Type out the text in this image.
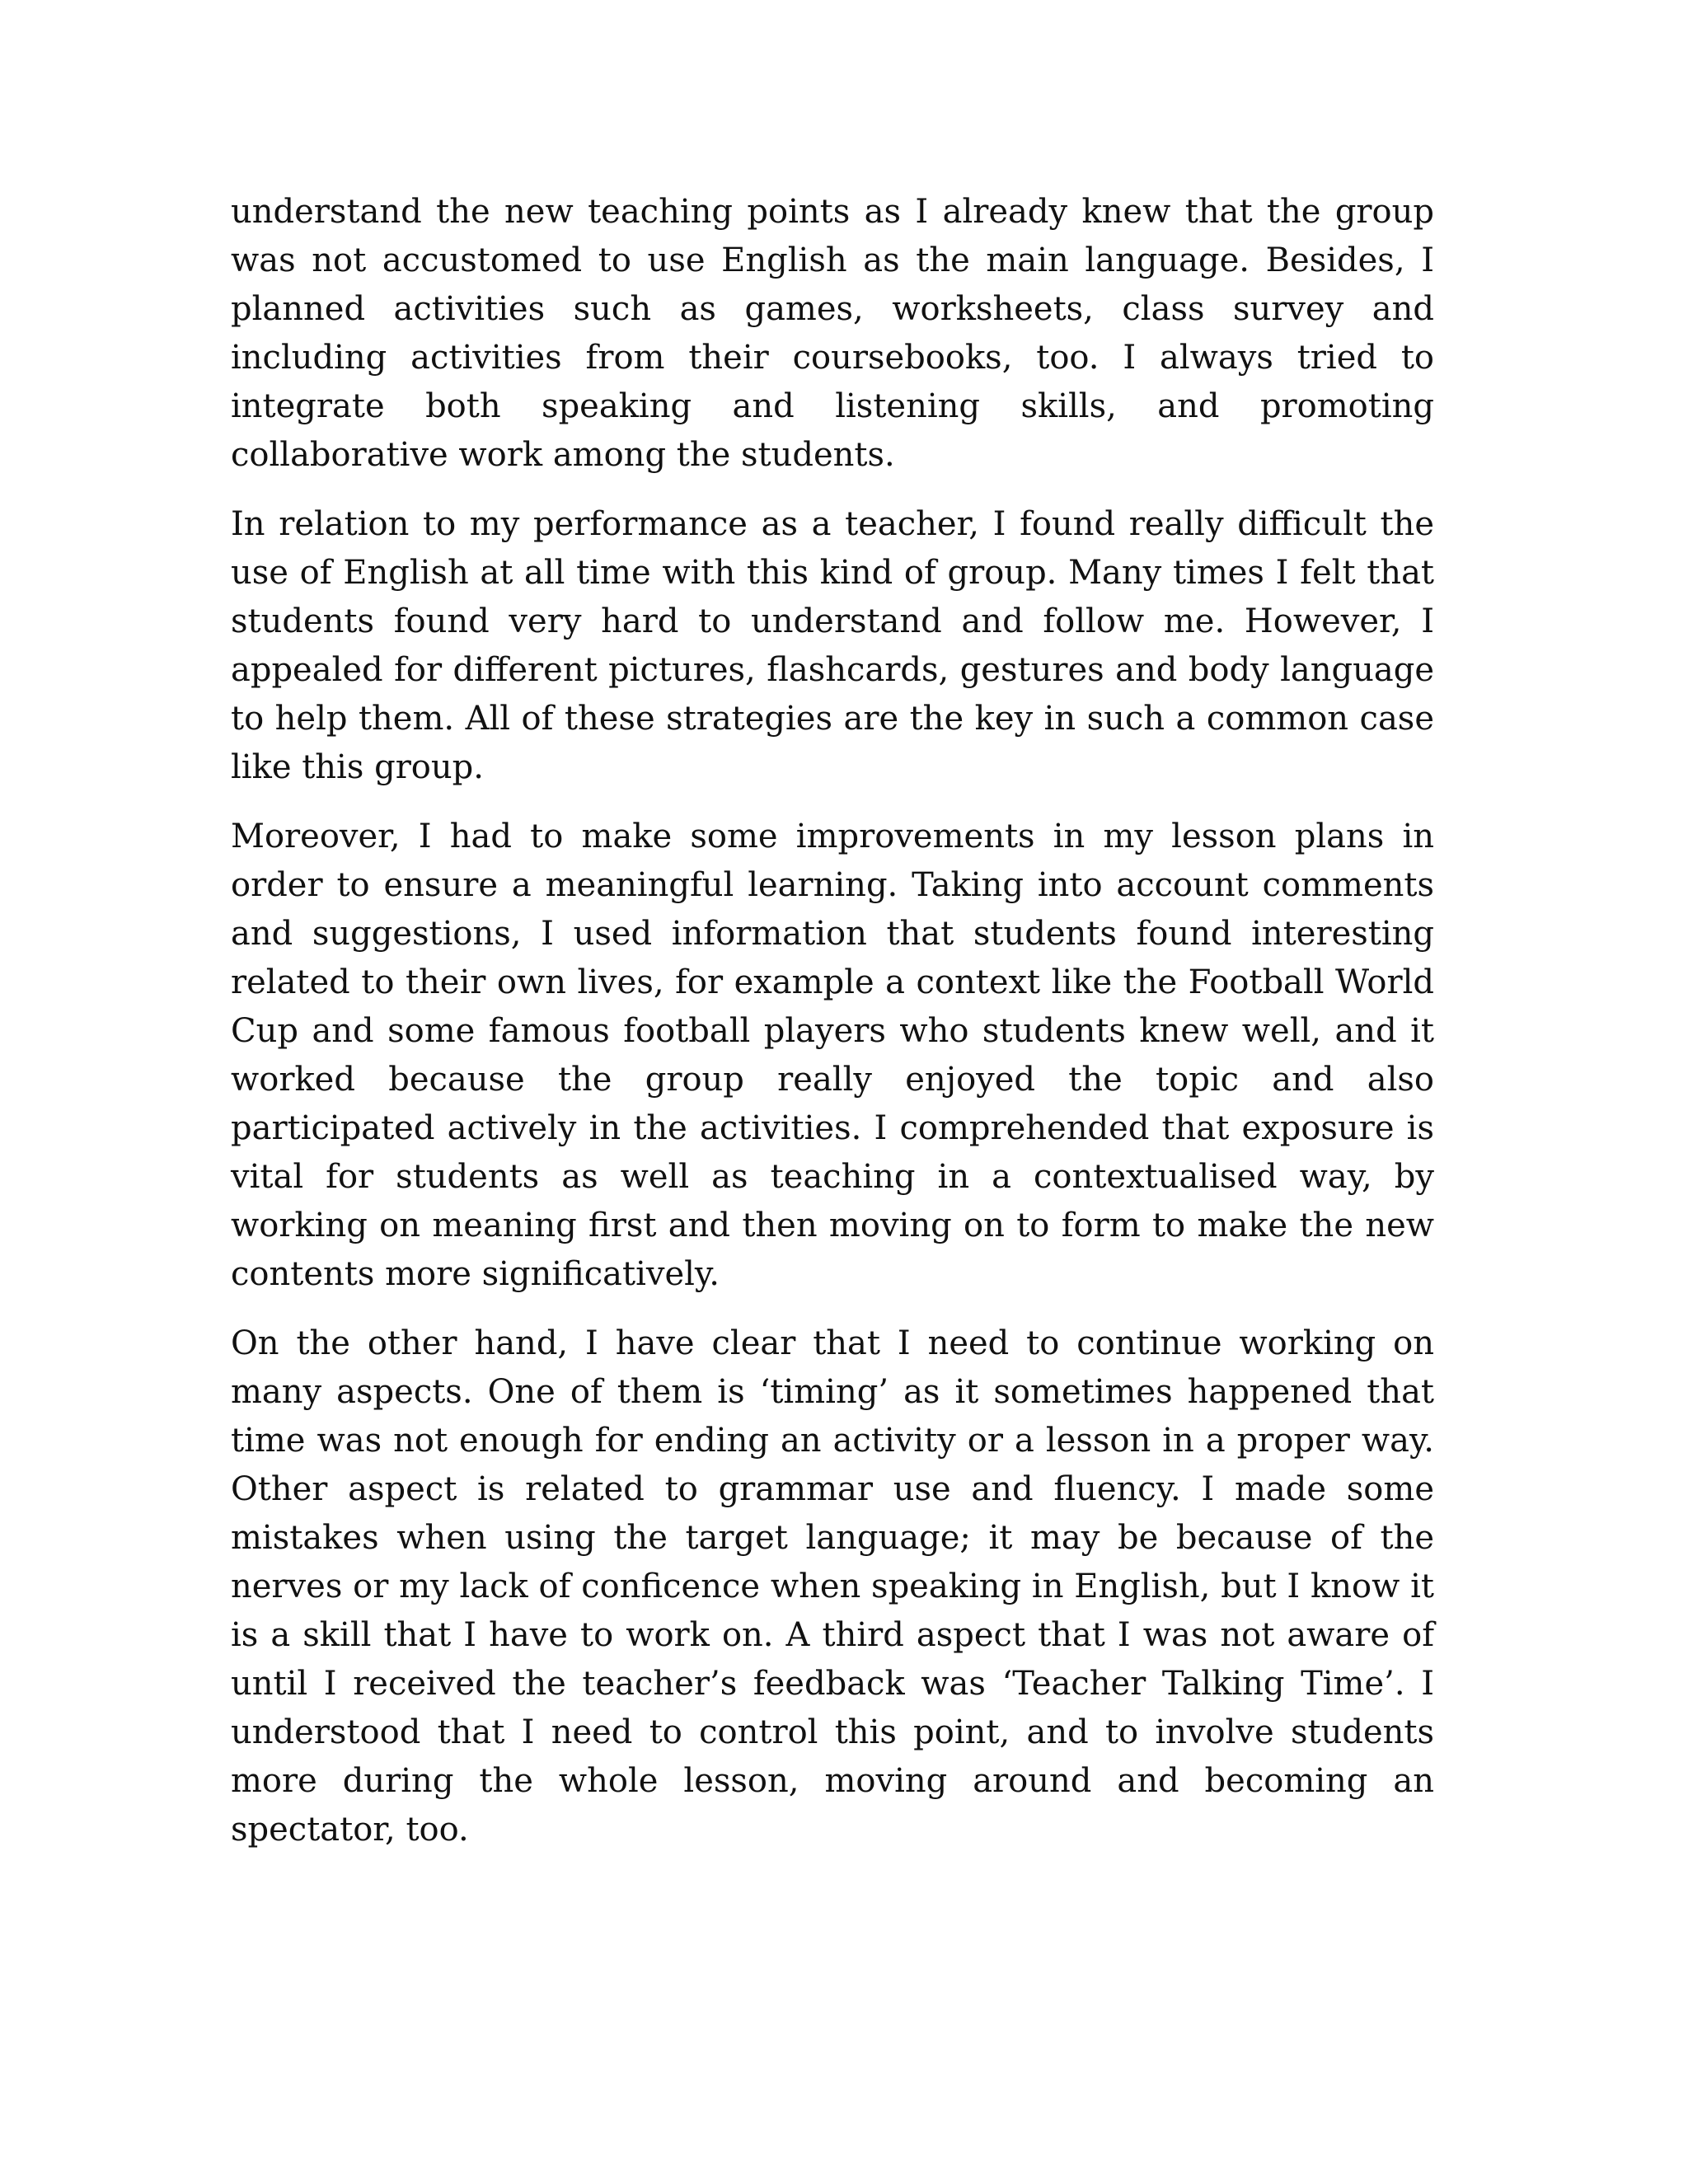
understand the new teaching points as I already knew that the group was not accustomed to use English as the main language. Besides, I planned activities such as games, worksheets, class survey and including activities from their coursebooks, too. I always tried to integrate both speaking and listening skills, and promoting collaborative work among the students.

In relation to my performance as a teacher, I found really difficult the use of English at all time with this kind of group. Many times I felt that students found very hard to understand and follow me. However, I appealed for different pictures, flashcards, gestures and body language to help them. All of these strategies are the key in such a common case like this group.

Moreover, I had to make some improvements in my lesson plans in order to ensure a meaningful learning. Taking into account comments and suggestions, I used information that students found interesting related to their own lives, for example a context like the Football World Cup and some famous football players who students knew well, and it worked because the group really enjoyed the topic and also participated actively in the activities. I comprehended that exposure is vital for students as well as teaching in a contextualised way, by working on meaning first and then moving on to form to make the new contents more significatively.

On the other hand, I have clear that I need to continue working on many aspects. One of them is ‘timing’ as it sometimes happened that time was not enough for ending an activity or a lesson in a proper way. Other aspect is related to grammar use and fluency. I made some mistakes when using the target language; it may be because of the nerves or my lack of conficence when speaking in English, but I know it is a skill that I have to work on. A third aspect that I was not aware of until I received the teacher’s feedback was ‘Teacher Talking Time’. I understood that I need to control this point, and to involve students more during the whole lesson, moving around and becoming an spectator, too.
